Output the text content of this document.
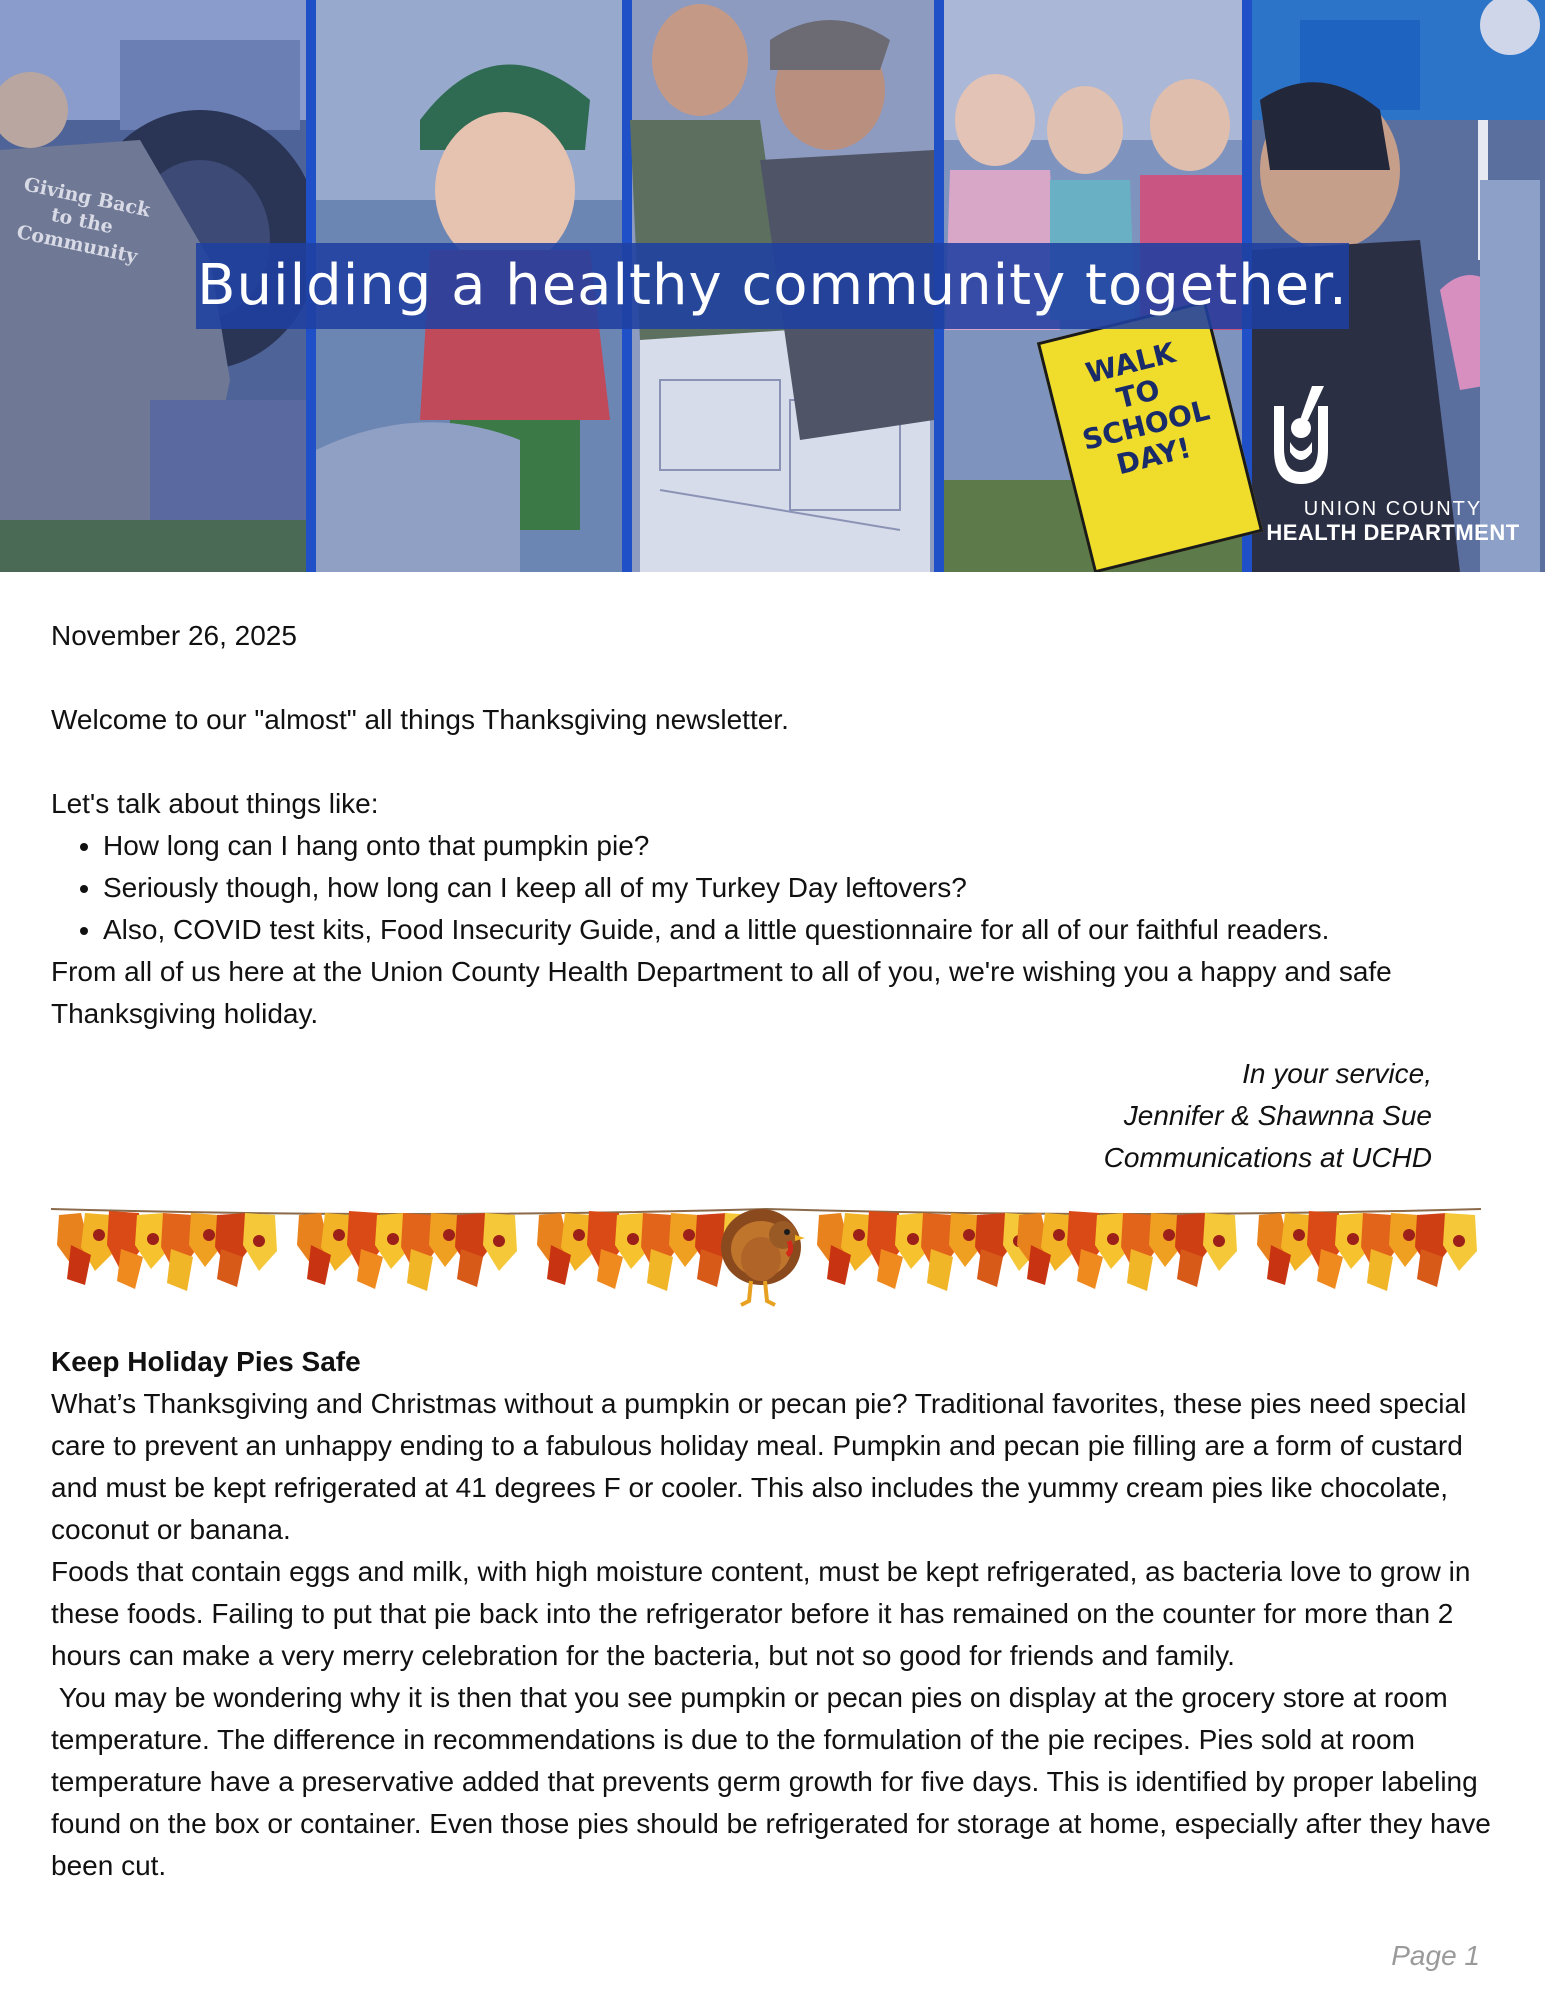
Giving Back to the Community
WALK TO SCHOOL DAY!
Building a healthy community together.
UNION COUNTY
HEALTH DEPARTMENT

November 26, 2025

Welcome to our "almost" all things Thanksgiving newsletter.

Let's talk about things like:

• How long can I hang onto that pumpkin pie?
• Seriously though, how long can I keep all of my Turkey Day leftovers?
• Also, COVID test kits, Food Insecurity Guide, and a little questionnaire for all of our faithful readers.

From all of us here at the Union County Health Department to all of you, we're wishing you a happy and safe Thanksgiving holiday.

In your service,
Jennifer & Shawnna Sue
Communications at UCHD
Keep Holiday Pies Safe

What’s Thanksgiving and Christmas without a pumpkin or pecan pie? Traditional favorites, these pies need special care to prevent an unhappy ending to a fabulous holiday meal. Pumpkin and pecan pie filling are a form of custard and must be kept refrigerated at 41 degrees F or cooler. This also includes the yummy cream pies like chocolate, coconut or banana.

Foods that contain eggs and milk, with high moisture content, must be kept refrigerated, as bacteria love to grow in these foods. Failing to put that pie back into the refrigerator before it has remained on the counter for more than 2 hours can make a very merry celebration for the bacteria, but not so good for friends and family.

You may be wondering why it is then that you see pumpkin or pecan pies on display at the grocery store at room temperature. The difference in recommendations is due to the formulation of the pie recipes. Pies sold at room temperature have a preservative added that prevents germ growth for five days. This is identified by proper labeling found on the box or container. Even those pies should be refrigerated for storage at home, especially after they have been cut.

Page 1
